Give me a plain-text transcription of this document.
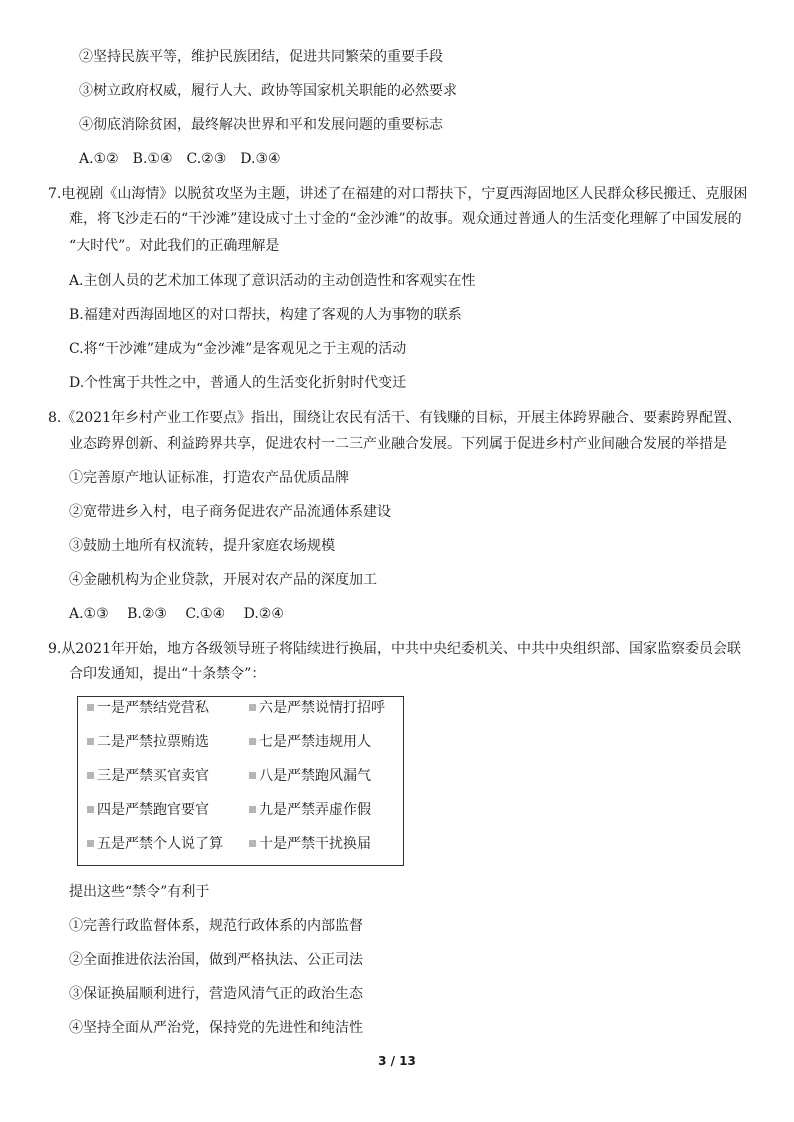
②坚持民族平等，维护民族团结，促进共同繁荣的重要手段
③树立政府权威，履行人大、政协等国家机关职能的必然要求
④彻底消除贫困，最终解决世界和平和发展问题的重要标志
A.①②　B.①④　C.②③　D.③④
7.电视剧《山海情》以脱贫攻坚为主题，讲述了在福建的对口帮扶下，宁夏西海固地区人民群众移民搬迁、克服困
难，将飞沙走石的“干沙滩”建设成寸土寸金的“金沙滩”的故事。观众通过普通人的生活变化理解了中国发展的
“大时代”。对此我们的正确理解是
A.主创人员的艺术加工体现了意识活动的主动创造性和客观实在性
B.福建对西海固地区的对口帮扶，构建了客观的人为事物的联系
C.将“干沙滩”建成为“金沙滩”是客观见之于主观的活动
D.个性寓于共性之中，普通人的生活变化折射时代变迁
8.《2021年乡村产业工作要点》指出，围绕让农民有活干、有钱赚的目标，开展主体跨界融合、要素跨界配置、
业态跨界创新、利益跨界共享，促进农村一二三产业融合发展。下列属于促进乡村产业间融合发展的举措是
①完善原产地认证标准，打造农产品优质品牌
②宽带进乡入村，电子商务促进农产品流通体系建设
③鼓励土地所有权流转，提升家庭农场规模
④金融机构为企业贷款，开展对农产品的深度加工
A.①③　 B.②③　 C.①④　 D.②④
9.从2021年开始，地方各级领导班子将陆续进行换届，中共中央纪委机关、中共中央组织部、国家监察委员会联
合印发通知，提出“十条禁令”：
一是严禁结党营私
二是严禁拉票贿选
三是严禁买官卖官
四是严禁跑官要官
五是严禁个人说了算
六是严禁说情打招呼
七是严禁违规用人
八是严禁跑风漏气
九是严禁弄虚作假
十是严禁干扰换届
提出这些“禁令”有利于
①完善行政监督体系，规范行政体系的内部监督
②全面推进依法治国，做到严格执法、公正司法
③保证换届顺利进行，营造风清气正的政治生态
④坚持全面从严治党，保持党的先进性和纯洁性
3 / 13
